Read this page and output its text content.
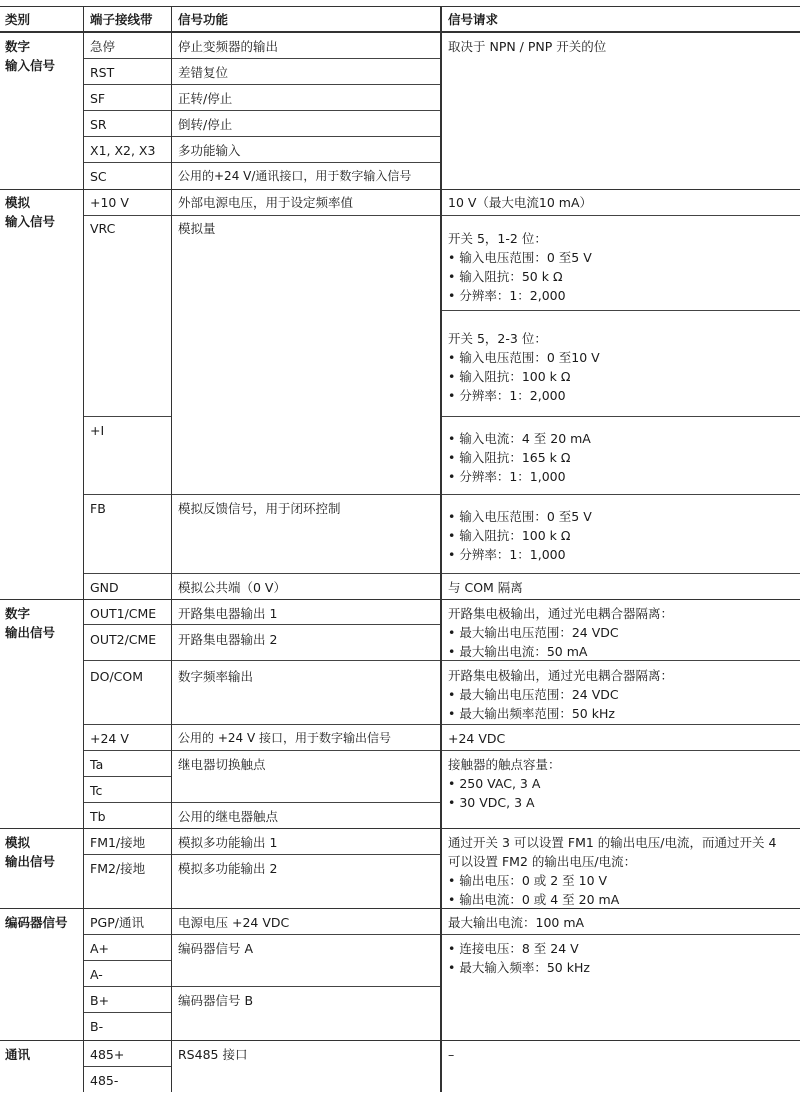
类别	端子接线带 信号功能	信号请求
数字
输入信号
模拟
输入信号
数字
输出信号
模拟
输出信号
编码器信号
通讯
急停
RST
SF
SR
X1, X2, X3
SC
+10 V
VRC
+I
FB
GND
OUT1/CME
OUT2/CME
DO/COM
+24 V
Ta
Tc
Tb
FM1/接地
FM2/接地
PGP/通讯
A+
A-
B+
B-
485+
485-
停止变频器的输出
差错复位
正转/停止
倒转/停止
多功能输入
公用的+24 V/通讯接口，用于数字输入信号
外部电源电压，用于设定频率值
模拟量
模拟反馈信号，用于闭环控制
模拟公共端（0 V）
开路集电器输出 1
开路集电器输出 2
数字频率输出
公用的 +24 V 接口，用于数字输出信号
继电器切换触点
公用的继电器触点
模拟多功能输出 1
模拟多功能输出 2
电源电压 +24 VDC
编码器信号 A
编码器信号 B
RS485 接口
取决于 NPN / PNP 开关的位
10 V（最大电流10 mA）
开关 5，1-2 位：
• 输入电压范围：0 至5 V
• 输入阻抗：50 k Ω
• 分辨率：1：2,000
开关 5，2-3 位：
• 输入电压范围：0 至10 V
• 输入阻抗：100 k Ω
• 分辨率：1：2,000
• 输入电流：4 至 20 mA
• 输入阻抗：165 k Ω
• 分辨率：1：1,000
• 输入电压范围：0 至5 V
• 输入阻抗：100 k Ω
• 分辨率：1：1,000
与 COM 隔离
开路集电极输出，通过光电耦合器隔离：
• 最大输出电压范围：24 VDC
• 最大输出电流：50 mA
开路集电极输出，通过光电耦合器隔离：
• 最大输出电压范围：24 VDC
• 最大输出频率范围：50 kHz
+24 VDC
接触器的触点容量：
• 250 VAC, 3 A
• 30 VDC, 3 A
通过开关 3 可以设置 FM1 的输出电压/电流，而通过开关 4
可以设置 FM2 的输出电压/电流：
• 输出电压：0 或 2 至 10 V
• 输出电流：0 或 4 至 20 mA
最大输出电流：100 mA
• 连接电压：8 至 24 V
• 最大输入频率：50 kHz
–
